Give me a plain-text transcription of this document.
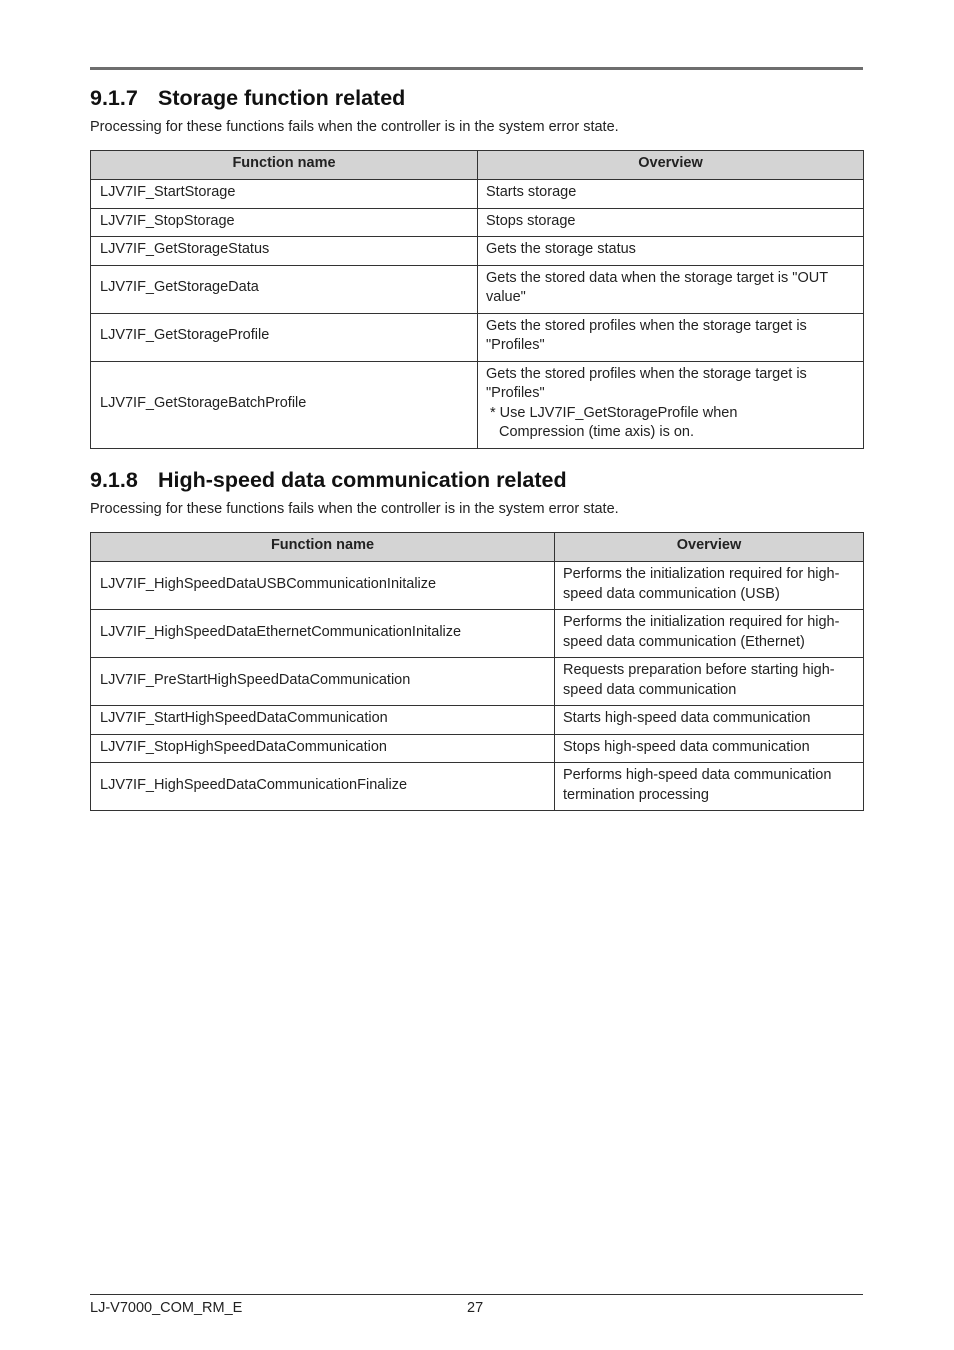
9.1.7 Storage function related

Processing for these functions fails when the controller is in the system error state.

Function name	Overview
LJV7IF_StartStorage	Starts storage
LJV7IF_StopStorage	Stops storage
LJV7IF_GetStorageStatus	Gets the storage status
LJV7IF_GetStorageData	Gets the stored data when the storage target is "OUT value"
LJV7IF_GetStorageProfile	Gets the stored profiles when the storage target is "Profiles"
LJV7IF_GetStorageBatchProfile	Gets the stored profiles when the storage target is "Profiles"
* Use LJV7IF_GetStorageProfile when
Compression (time axis) is on.
9.1.8 High-speed data communication related

Processing for these functions fails when the controller is in the system error state.

Function name	Overview
LJV7IF_HighSpeedDataUSBCommunicationInitalize	Performs the initialization required for high-speed data communication (USB)
LJV7IF_HighSpeedDataEthernetCommunicationInitalize	Performs the initialization required for high-speed data communication (Ethernet)
LJV7IF_PreStartHighSpeedDataCommunication	Requests preparation before starting high-speed data communication
LJV7IF_StartHighSpeedDataCommunication	Starts high-speed data communication
LJV7IF_StopHighSpeedDataCommunication	Stops high-speed data communication
LJV7IF_HighSpeedDataCommunicationFinalize	Performs high-speed data communication termination processing
LJ-V7000_COM_RM_E	27
